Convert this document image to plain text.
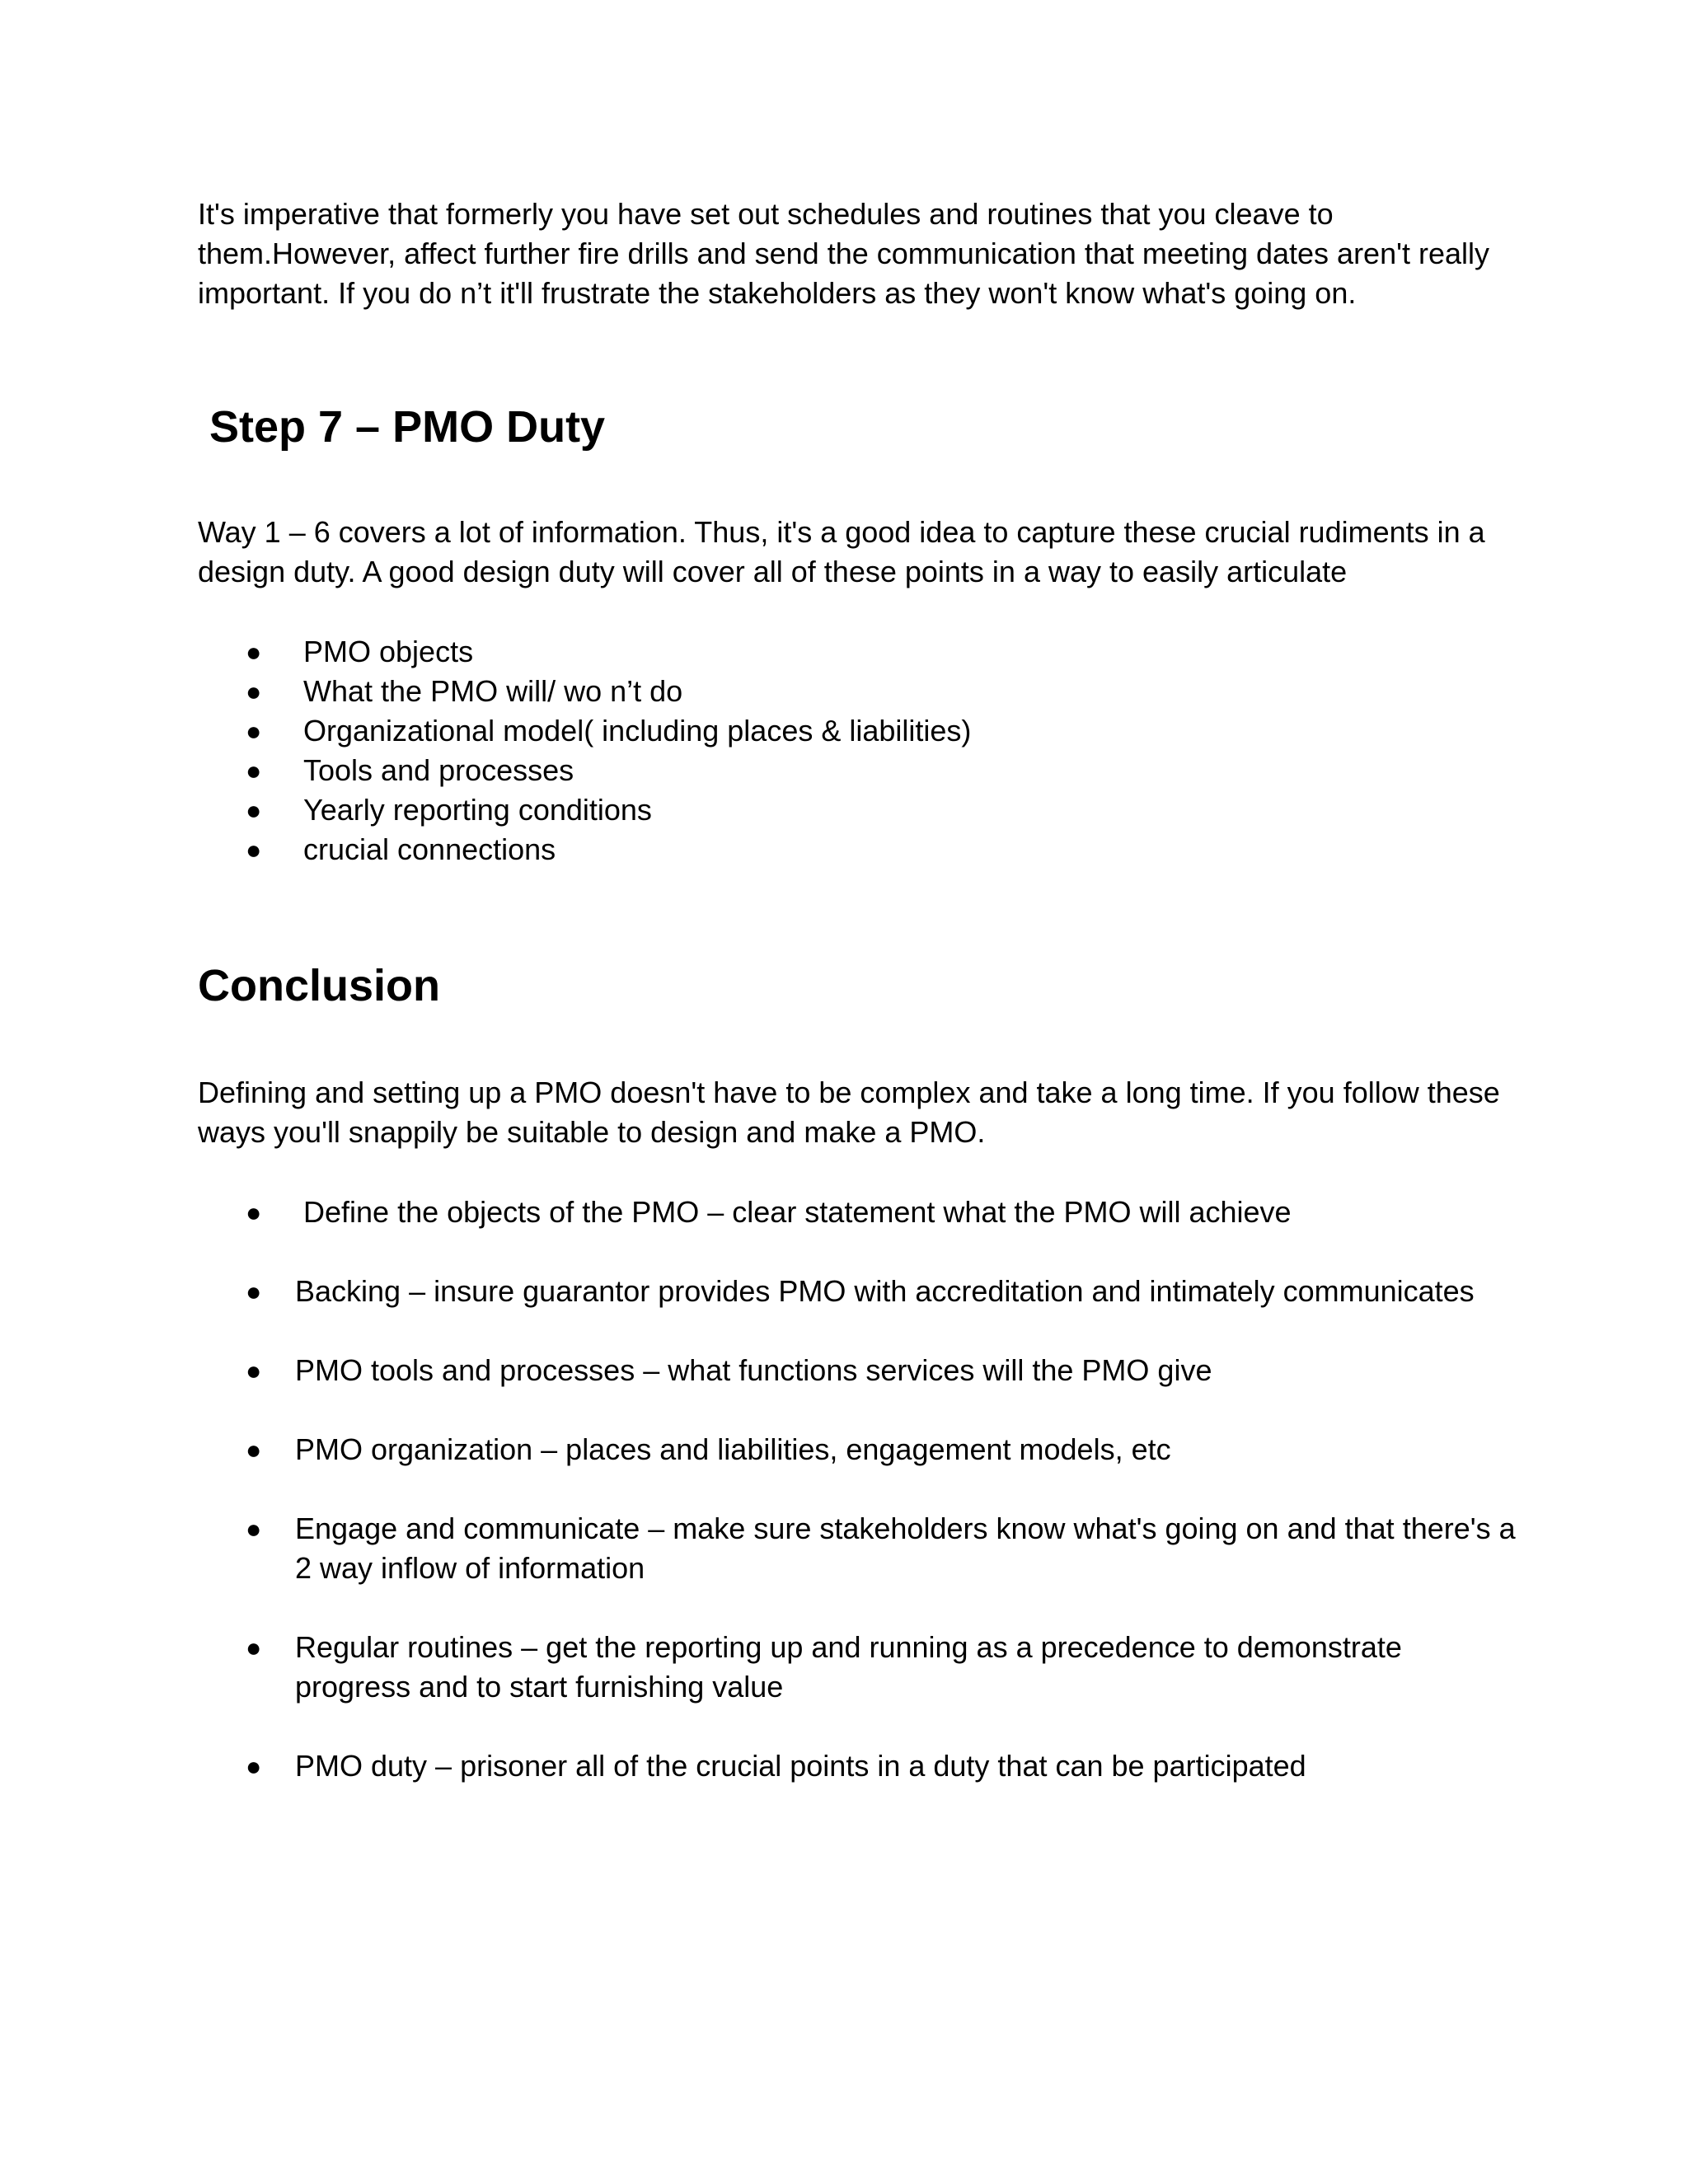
It's imperative that formerly you have set out schedules and routines that you cleave to them.However, affect further fire drills and send the communication that meeting dates aren't really important. If you do n’t it'll frustrate the stakeholders as they won't know what's going on.

Step 7 – PMO Duty

Way 1 – 6 covers a lot of information. Thus, it's a good idea to capture these crucial rudiments in a design duty. A good design duty will cover all of these points in a way to easily articulate

● PMO objects
● What the PMO will/ wo n’t do
● Organizational model( including places & liabilities)
● Tools and processes
● Yearly reporting conditions
● crucial connections
Conclusion

Defining and setting up a PMO doesn't have to be complex and take a long time. If you follow these ways you'll snappily be suitable to design and make a PMO.

● Define the objects of the PMO – clear statement what the PMO will achieve
● Backing – insure guarantor provides PMO with accreditation and intimately communicates
● PMO tools and processes – what functions services will the PMO give
● PMO organization – places and liabilities, engagement models, etc
● Engage and communicate – make sure stakeholders know what's going on and that there's a 2 way inflow of information
● Regular routines – get the reporting up and running as a precedence to demonstrate progress and to start furnishing value
● PMO duty – prisoner all of the crucial points in a duty that can be participated
